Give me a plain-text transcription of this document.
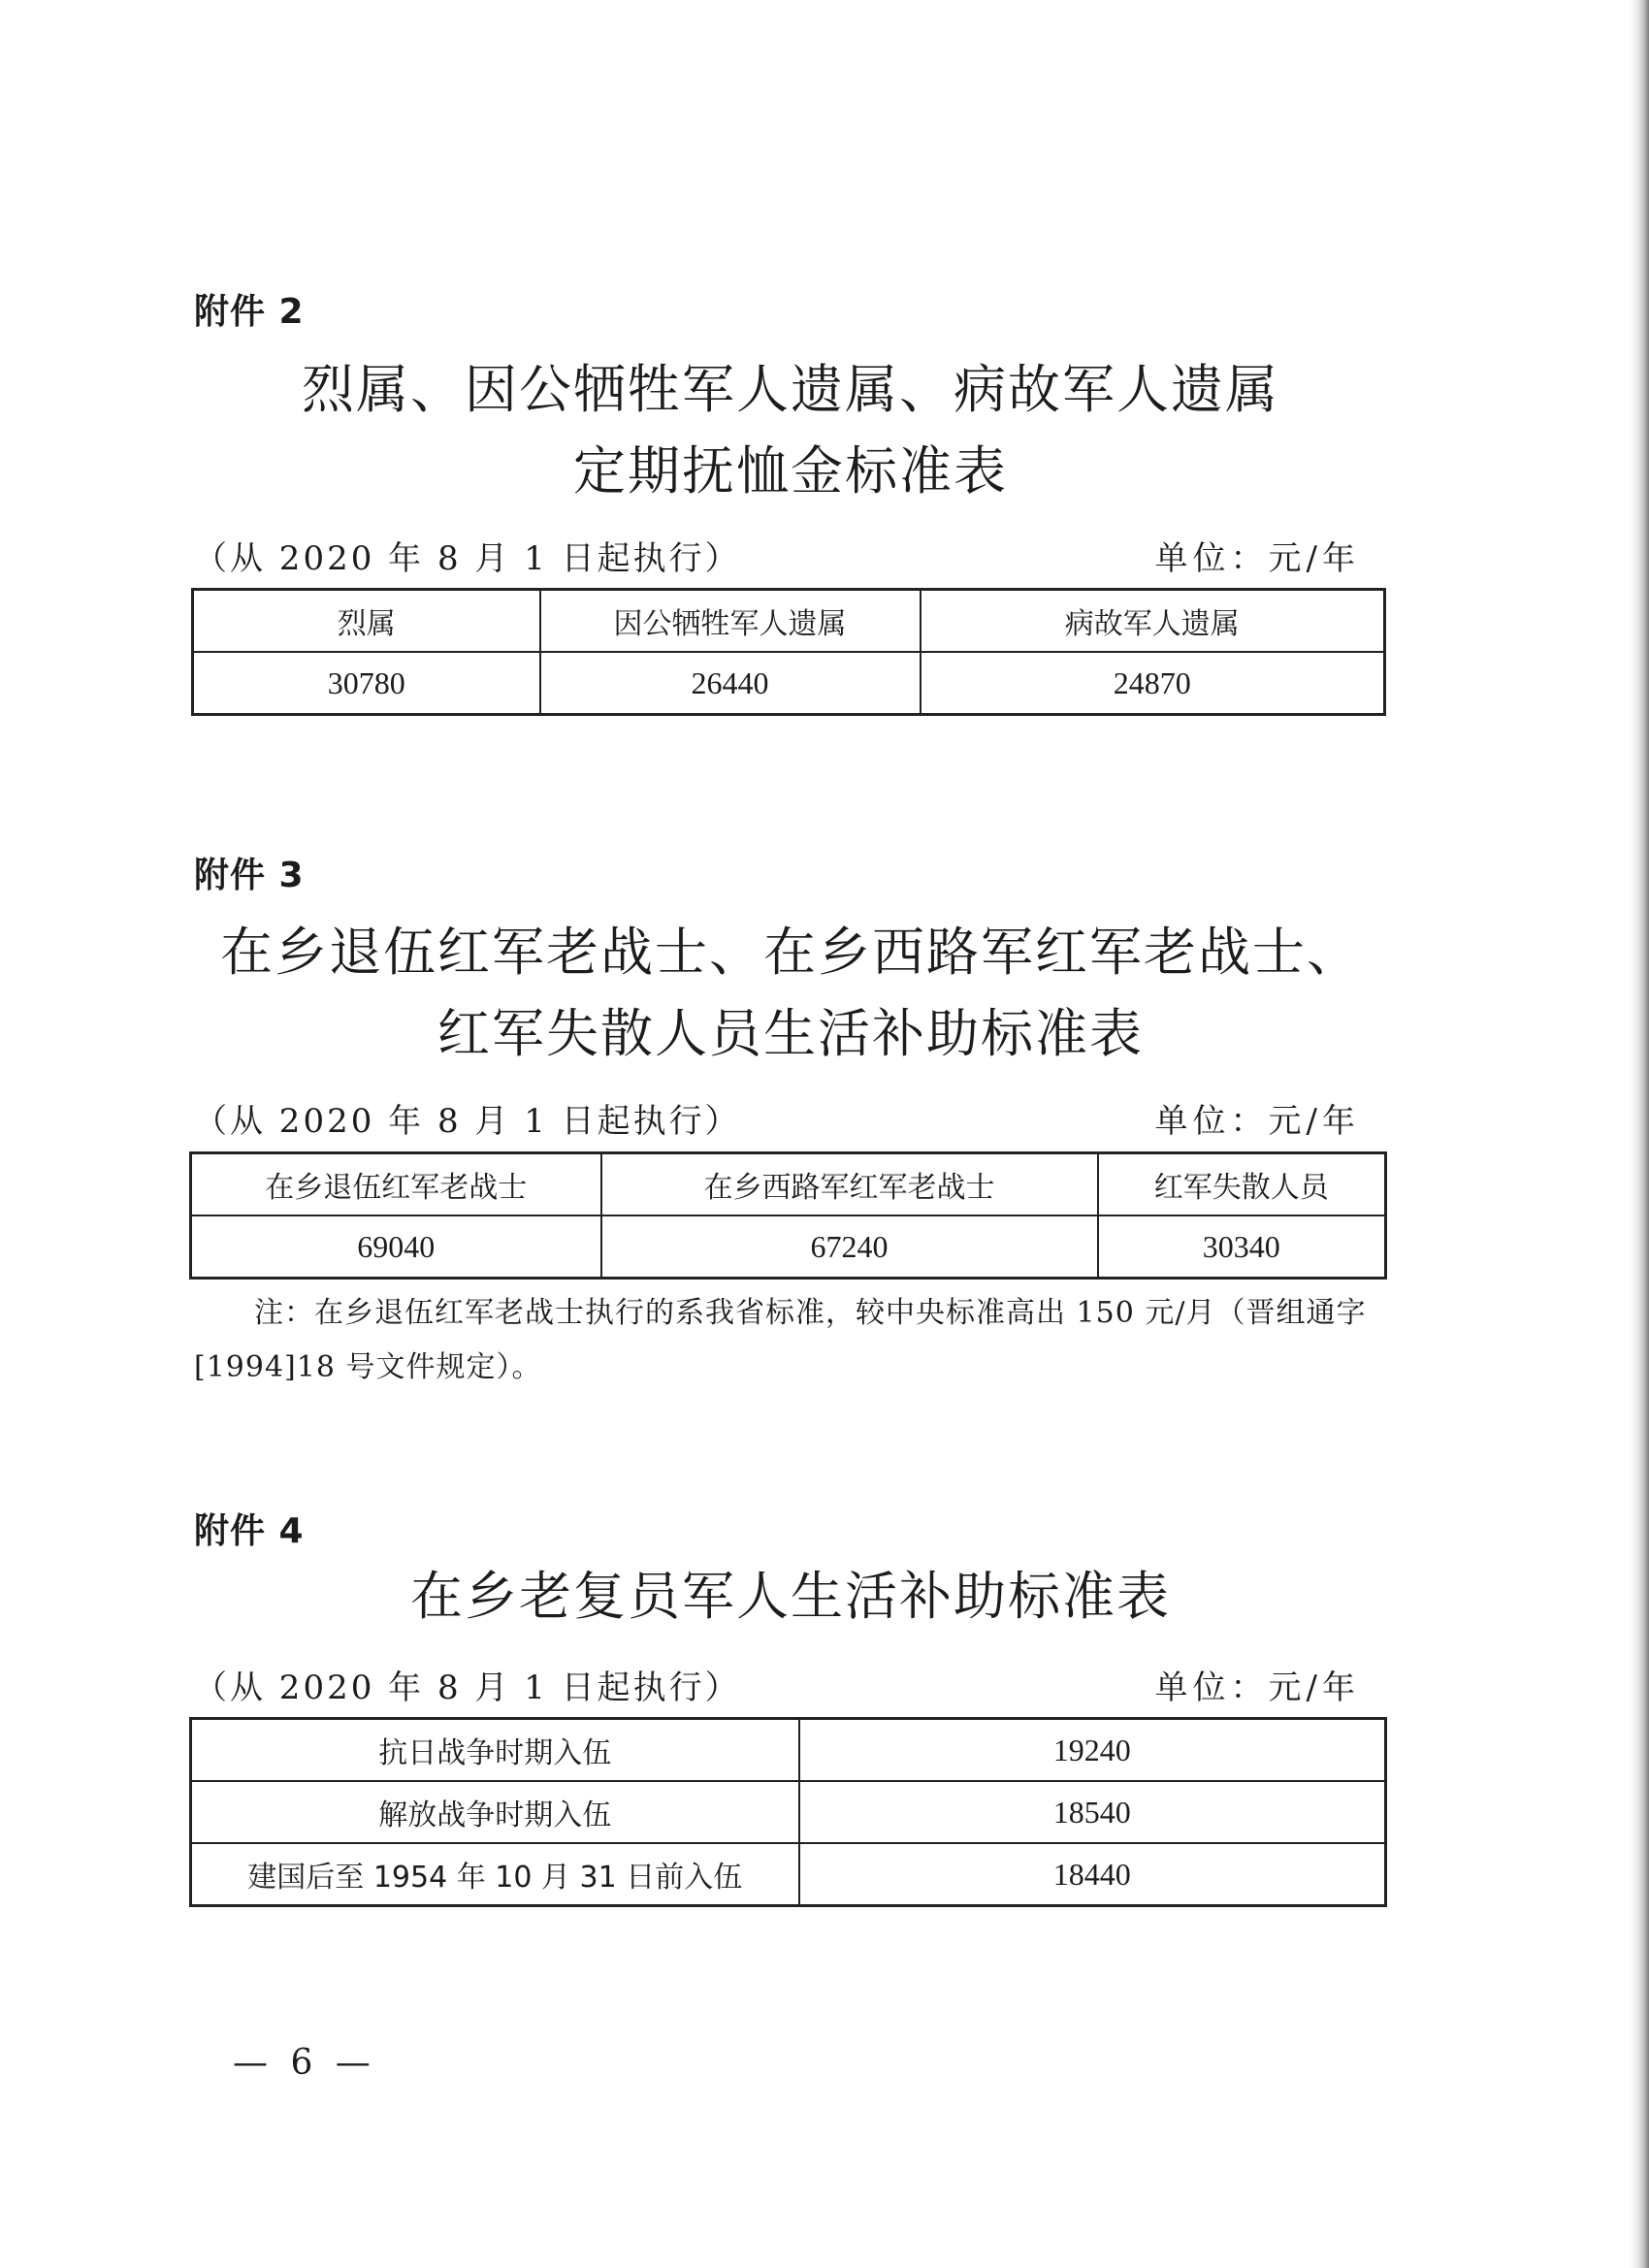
附件 2
烈属、因公牺牲军人遗属、病故军人遗属
定期抚恤金标准表
（从 2020 年 8 月 1 日起执行）	单位：元/年
烈属	因公牺牲军人遗属	病故军人遗属
30780	26440	24870
附件 3
在乡退伍红军老战士、在乡西路军红军老战士、
红军失散人员生活补助标准表
（从 2020 年 8 月 1 日起执行）	单位：元/年
在乡退伍红军老战士	在乡西路军红军老战士	红军失散人员
69040	67240	30340
注：在乡退伍红军老战士执行的系我省标准，较中央标准高出 150 元/月（晋组通字[1994]18 号文件规定）。
附件 4
在乡老复员军人生活补助标准表
（从 2020 年 8 月 1 日起执行）	单位：元/年
抗日战争时期入伍	19240
解放战争时期入伍	18540
建国后至 1954 年 10 月 31 日前入伍	18440
— 6 —
